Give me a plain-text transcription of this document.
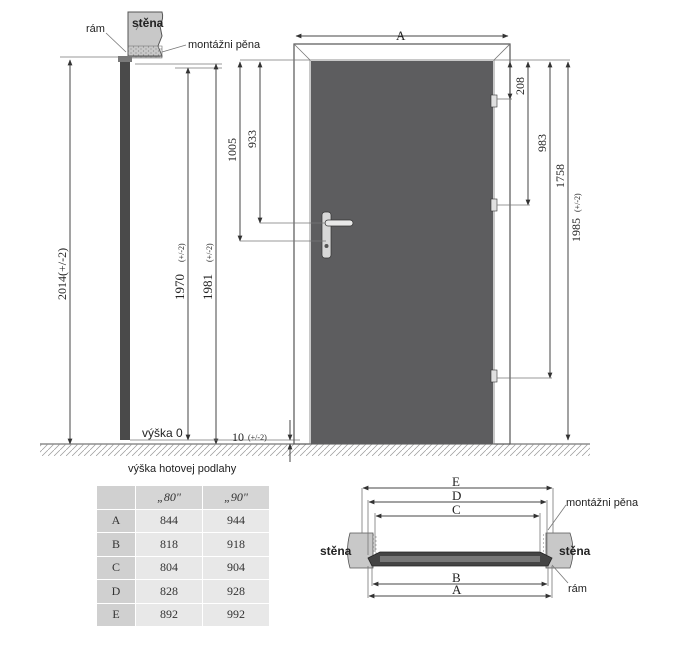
stěna
rám
montážni pěna
2014(+/-2)	1970
(+/-2)
1981
(+/-2)
výška 0
výška hotovej podlahy
10 (+/-2)
A
1005 933
208
983
1758
1985
(+/-2)
E
D
C
B
A
montážni pěna
stěna	stěna
rám
	„80"	„90"
A	844	944
B	818	918
C	804	904
D	828	928
E	892	992
